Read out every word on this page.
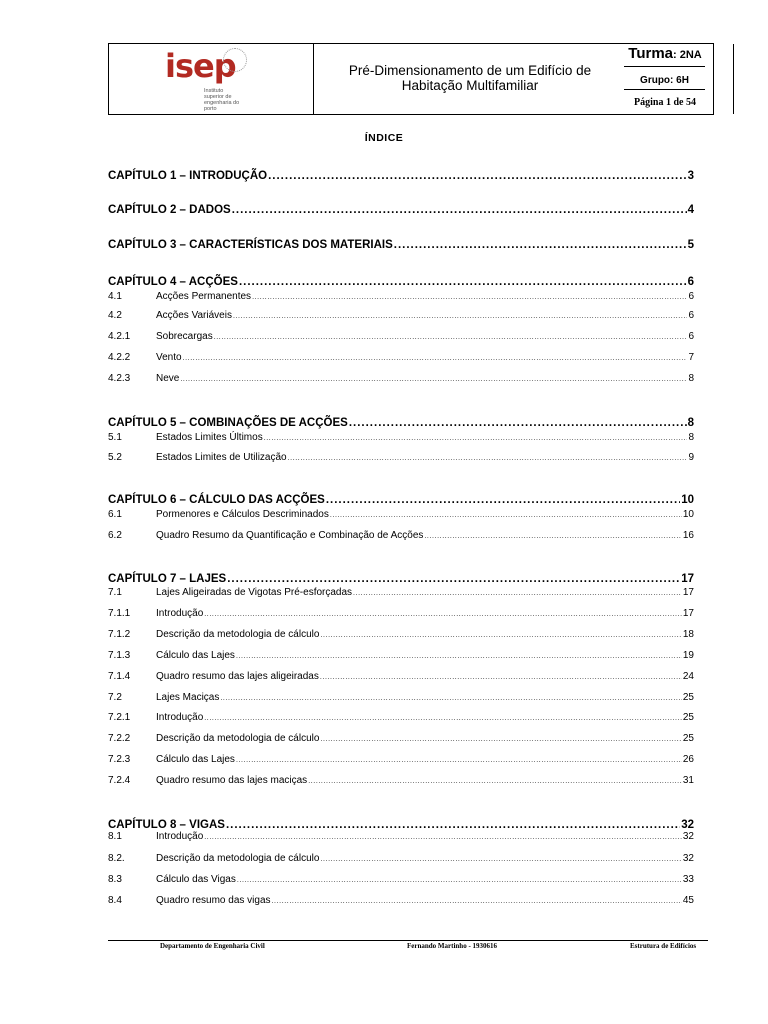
isep
Instituto superior de engenharia do porto
Pré-Dimensionamento de um Edifício de Habitação Multifamiliar
Turma: 2NA
Grupo: 6H
Página 1 de 54
ÍNDICE
CAPÍTULO 1 – INTRODUÇÃO .....	3
CAPÍTULO 2 – DADOS .....	4
CAPÍTULO 3 – CARACTERÍSTICAS DOS MATERIAIS .....	5
CAPÍTULO 4 – ACÇÕES .....	6
4.1	Acções Permanentes .....	6
4.2	Acções Variáveis .....	6
4.2.1	Sobrecargas .....	6
4.2.2	Vento .....	7
4.2.3	Neve .....	8
CAPÍTULO 5 – COMBINAÇÕES DE ACÇÕES .....	8
5.1	Estados Limites Últimos .....	8
5.2	Estados Limites de Utilização .....	9
CAPÍTULO 6 – CÁLCULO DAS ACÇÕES .....	10
6.1	Pormenores e Cálculos Descriminados .....	10
6.2	Quadro Resumo da Quantificação e Combinação de Acções .....	16
CAPÍTULO 7 – LAJES .....	17
7.1	Lajes Aligeiradas de Vigotas Pré-esforçadas .....	17
7.1.1	Introdução .....	17
7.1.2	Descrição da metodologia de cálculo .....	18
7.1.3	Cálculo das Lajes .....	19
7.1.4	Quadro resumo das lajes aligeiradas .....	24
7.2	Lajes Maciças .....	25
7.2.1	Introdução .....	25
7.2.2	Descrição da metodologia de cálculo .....	25
7.2.3	Cálculo das Lajes .....	26
7.2.4	Quadro resumo das lajes maciças .....	31
CAPÍTULO 8 – VIGAS .....	32
8.1	Introdução .....	32
8.2.	Descrição da metodologia de cálculo .....	32
8.3	Cálculo das Vigas .....	33
8.4	Quadro resumo das vigas .....	45
Departamento de Engenharia Civil	Fernando Martinho - 1930616	Estrutura de Edifícios
